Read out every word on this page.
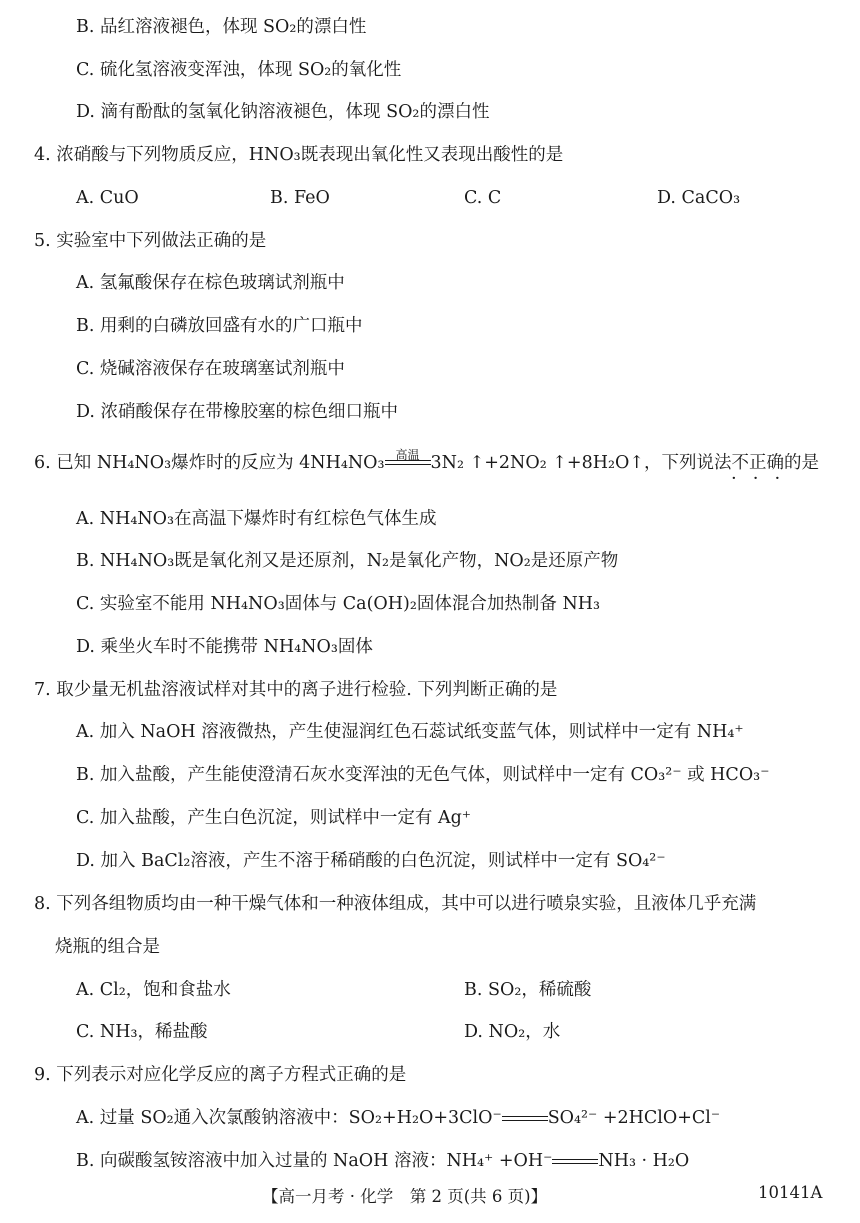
B. 品红溶液褪色，体现 SO₂的漂白性
C. 硫化氢溶液变浑浊，体现 SO₂的氧化性
D. 滴有酚酞的氢氧化钠溶液褪色，体现 SO₂的漂白性
4. 浓硝酸与下列物质反应，HNO₃既表现出氧化性又表现出酸性的是
A. CuO	B. FeO	C. C	D. CaCO₃
5. 实验室中下列做法正确的是
A. 氢氟酸保存在棕色玻璃试剂瓶中
B. 用剩的白磷放回盛有水的广口瓶中
C. 烧碱溶液保存在玻璃塞试剂瓶中
D. 浓硝酸保存在带橡胶塞的棕色细口瓶中
6. 已知 NH₄NO₃爆炸时的反应为 4NH₄NO₃ 高温 3N₂ ↑+2NO₂ ↑+8H₂O↑，下列说法不正确的是
···
A. NH₄NO₃在高温下爆炸时有红棕色气体生成
B. NH₄NO₃既是氧化剂又是还原剂，N₂是氧化产物，NO₂是还原产物
C. 实验室不能用 NH₄NO₃固体与 Ca(OH)₂固体混合加热制备 NH₃
D. 乘坐火车时不能携带 NH₄NO₃固体
7. 取少量无机盐溶液试样对其中的离子进行检验. 下列判断正确的是
A. 加入 NaOH 溶液微热，产生使湿润红色石蕊试纸变蓝气体，则试样中一定有 NH₄⁺
B. 加入盐酸，产生能使澄清石灰水变浑浊的无色气体，则试样中一定有 CO₃²⁻ 或 HCO₃⁻
C. 加入盐酸，产生白色沉淀，则试样中一定有 Ag⁺
D. 加入 BaCl₂溶液，产生不溶于稀硝酸的白色沉淀，则试样中一定有 SO₄²⁻
8. 下列各组物质均由一种干燥气体和一种液体组成，其中可以进行喷泉实验，且液体几乎充满
烧瓶的组合是
A. Cl₂，饱和食盐水	B. SO₂，稀硫酸
C. NH₃，稀盐酸	D. NO₂，水
9. 下列表示对应化学反应的离子方程式正确的是
A. 过量 SO₂通入次氯酸钠溶液中：SO₂+H₂O+3ClO⁻	SO₄²⁻ +2HClO+Cl⁻
B. 向碳酸氢铵溶液中加入过量的 NaOH 溶液：NH₄⁺ +OH⁻	NH₃ · H₂O
【高一月考 · 化学　第 2 页(共 6 页)】	10141A
